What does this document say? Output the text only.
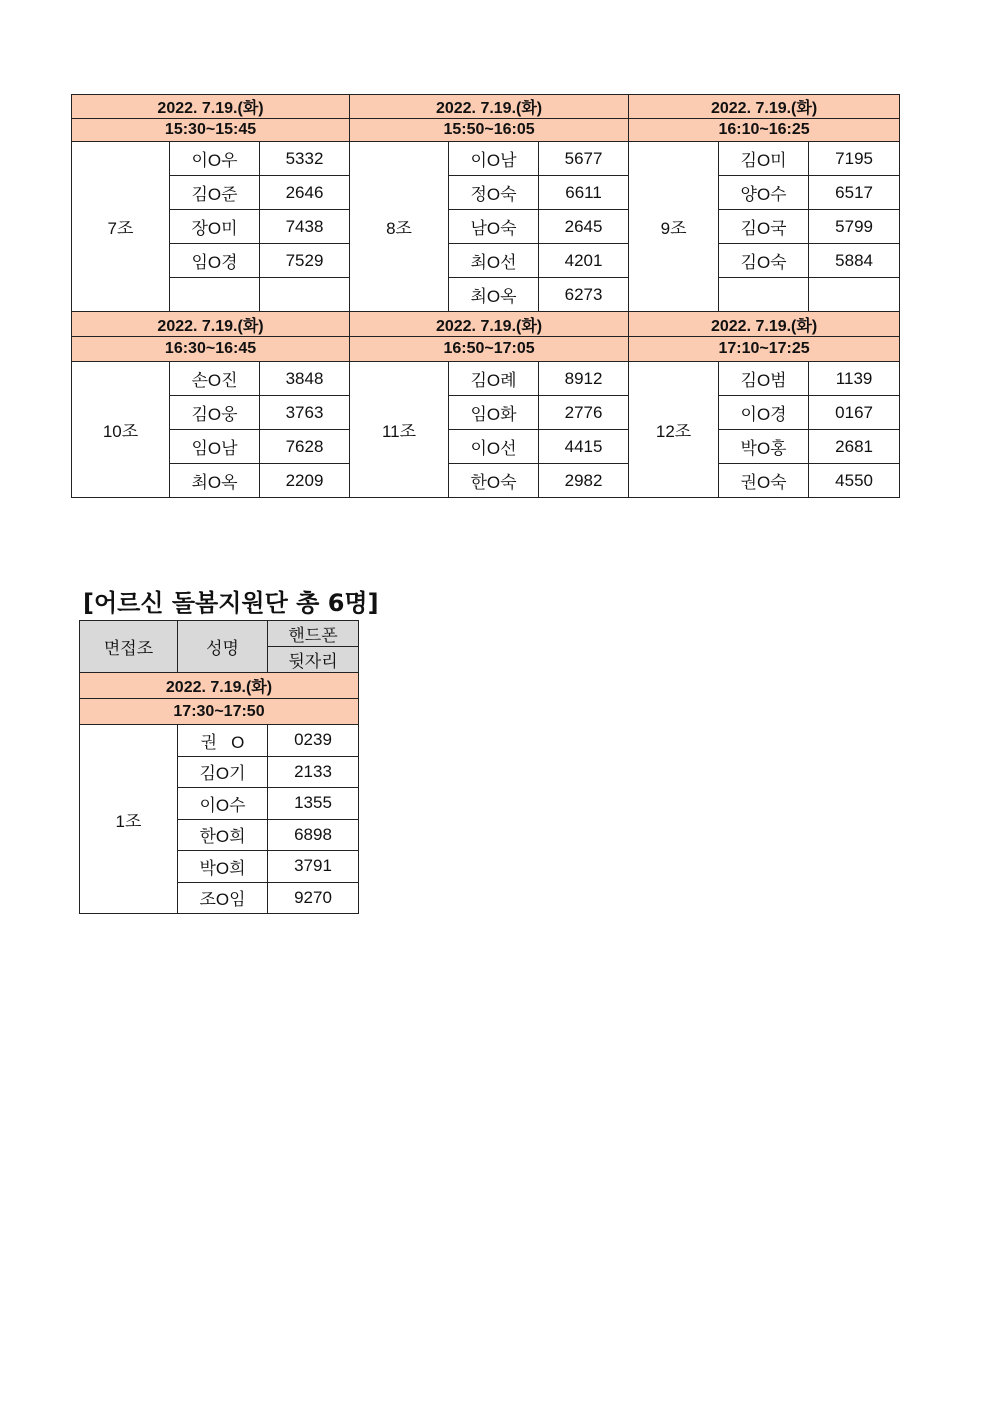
2022. 7.19.(화)			2022. 7.19.(화)			2022. 7.19.(화)		
15:30~15:45			15:50~16:05			16:10~16:25		
7조	이O우	5332	8조	이O남	5677	9조	김O미	7195
	김O준	2646		정O숙	6611		양O수	6517
	장O미	7438		남O숙	2645		김O국	5799
	임O경	7529		최O선	4201		김O숙	5884
				최O옥	6273			
2022. 7.19.(화)			2022. 7.19.(화)			2022. 7.19.(화)		
16:30~16:45			16:50~17:05			17:10~17:25		
10조	손O진	3848	11조	김O례	8912	12조	김O범	1139
	김O웅	3763		임O화	2776		이O경	0167
	임O남	7628		이O선	4415		박O홍	2681
	최O옥	2209		한O숙	2982		권O숙	4550
[어르신 돌봄지원단 총 6명]
면접조	성명	핸드폰
		뒷자리
2022. 7.19.(화)		
17:30~17:50		
1조	권   O	0239
	김O기	2133
	이O수	1355
	한O희	6898
	박O희	3791
	조O임	9270
